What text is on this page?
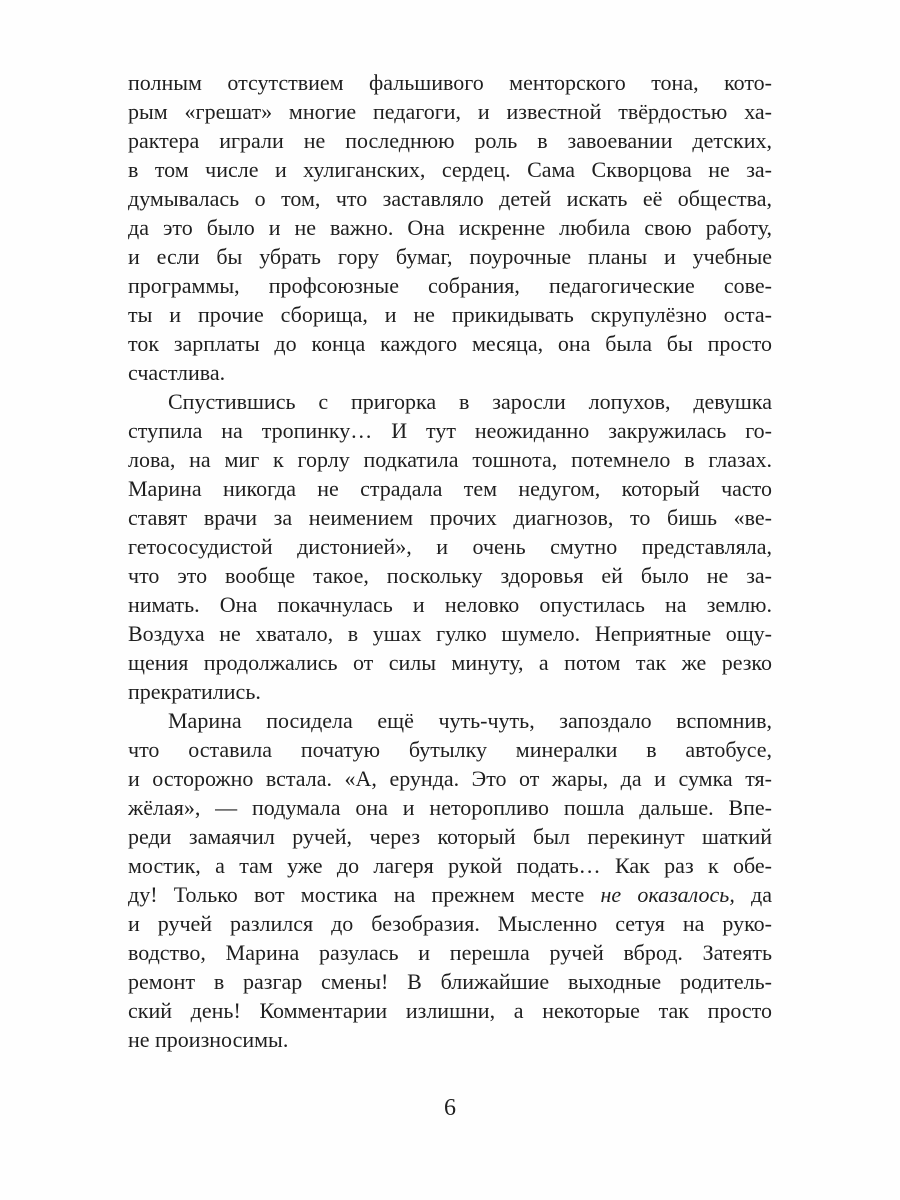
полным отсутствием фальшивого менторского тона, кото-
рым «грешат» многие педагоги, и известной твёрдостью ха-
рактера играли не последнюю роль в завоевании детских,
в том числе и хулиганских, сердец. Сама Скворцова не за-
думывалась о том, что заставляло детей искать её общества,
да это было и не важно. Она искренне любила свою работу,
и если бы убрать гору бумаг, поурочные планы и учебные
программы, профсоюзные собрания, педагогические сове-
ты и прочие сборища, и не прикидывать скрупулёзно оста-
ток зарплаты до конца каждого месяца, она была бы просто
счастлива.
Спустившись с пригорка в заросли лопухов, девушка
ступила на тропинку… И тут неожиданно закружилась го-
лова, на миг к горлу подкатила тошнота, потемнело в глазах.
Марина никогда не страдала тем недугом, который часто
ставят врачи за неимением прочих диагнозов, то бишь «ве-
гетососудистой дистонией», и очень смутно представляла,
что это вообще такое, поскольку здоровья ей было не за-
нимать. Она покачнулась и неловко опустилась на землю.
Воздуха не хватало, в ушах гулко шумело. Неприятные ощу-
щения продолжались от силы минуту, а потом так же резко
прекратились.
Марина посидела ещё чуть-чуть, запоздало вспомнив,
что оставила початую бутылку минералки в автобусе,
и осторожно встала. «А, ерунда. Это от жары, да и сумка тя-
жёлая», — подумала она и неторопливо пошла дальше. Впе-
реди замаячил ручей, через который был перекинут шаткий
мостик, а там уже до лагеря рукой подать… Как раз к обе-
ду! Только вот мостика на прежнем месте не оказалось, да
и ручей разлился до безобразия. Мысленно сетуя на руко-
водство, Марина разулась и перешла ручей вброд. Затеять
ремонт в разгар смены! В ближайшие выходные родитель-
ский день! Комментарии излишни, а некоторые так просто
не произносимы.
6
